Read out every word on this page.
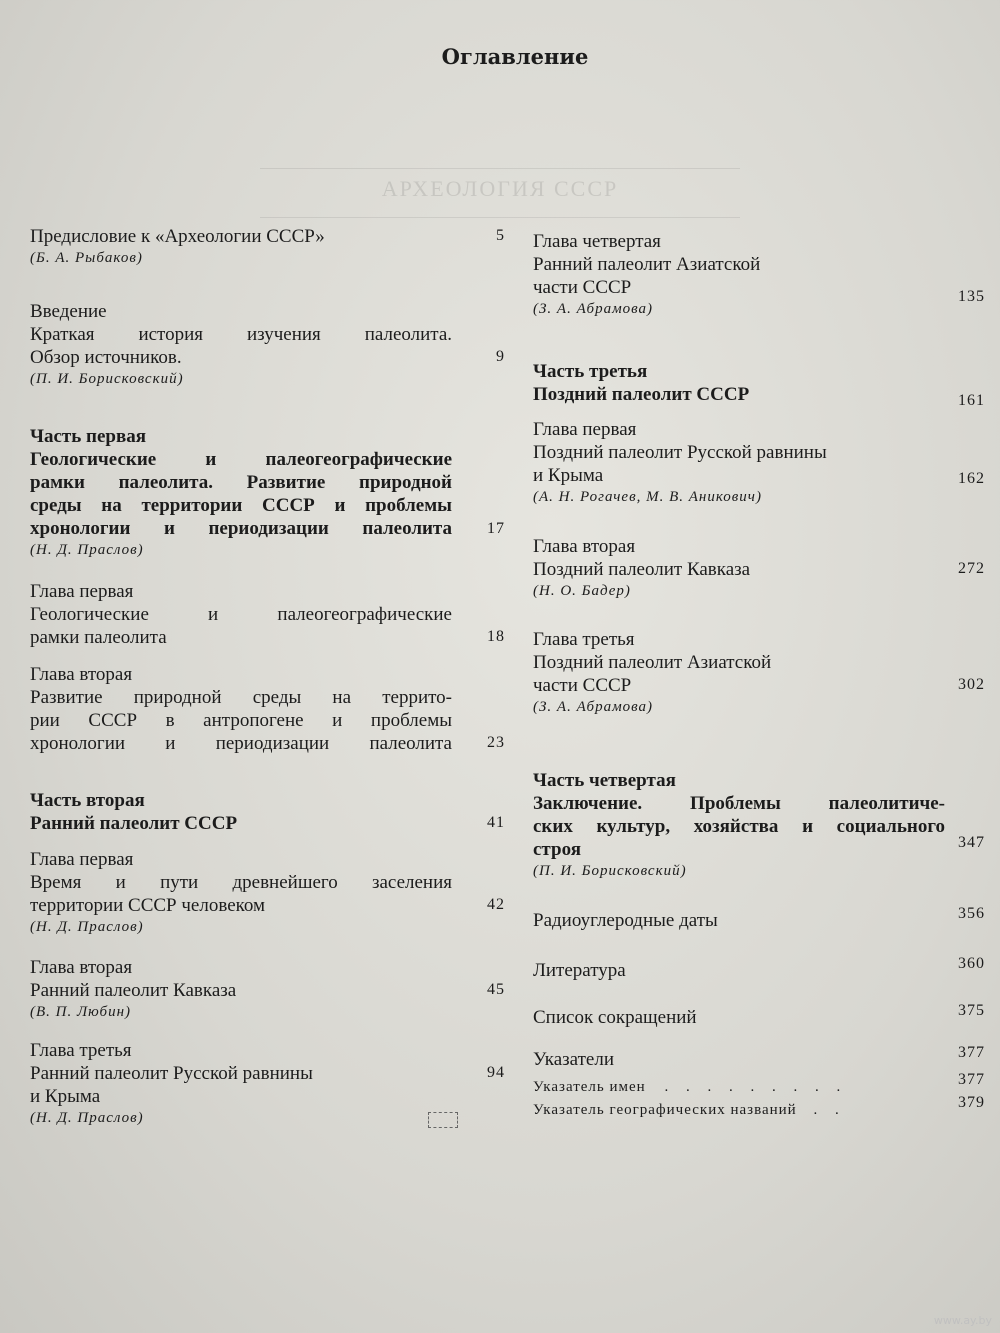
Оглавление
АРХЕОЛОГИЯ СССР
Предисловие к «Археологии СССР»
(Б. А. Рыбаков)
5
Введение
Краткая история изучения палеолита.
Обзор источников.
(П. И. Борисковский)
9
Часть первая
Геологические и палеогеографические
рамки палеолита. Развитие природной
среды на территории СССР и проблемы
хронологии и периодизации палеолита
(Н. Д. Праслов)
17
Глава первая
Геологические и палеогеографические
рамки палеолита	18
Глава вторая
Развитие природной среды на террито-
рии СССР в антропогене и проблемы
хронологии и периодизации палеолита 23
Часть вторая
Ранний палеолит СССР	41
Глава первая
Время и пути древнейшего заселения
территории СССР человеком
(Н. Д. Праслов)
42
Глава вторая
Ранний палеолит Кавказа
(В. П. Любин)
45
Глава третья
Ранний палеолит Русской равнины
и Крыма
(Н. Д. Праслов)
94
Глава четвертая
Ранний палеолит Азиатской
части СССР
(З. А. Абрамова)
135
Часть третья
Поздний палеолит СССР	161
Глава первая
Поздний палеолит Русской равнины
и Крыма
(А. Н. Рогачев, М. В. Аникович)
162
Глава вторая
Поздний палеолит Кавказа
(Н. О. Бадер)
272
Глава третья
Поздний палеолит Азиатской
части СССР
(З. А. Абрамова)
302
Часть четвертая
Заключение. Проблемы палеолитиче-
ских культур, хозяйства и социального
строя
(П. И. Борисковский)
347
Радиоуглеродные даты	356
Литература	360
Список сокращений	375
Указатели	377
Указатель имен . . . . . . . . .	377
Указатель географических названий . .	379
www.ay.by
